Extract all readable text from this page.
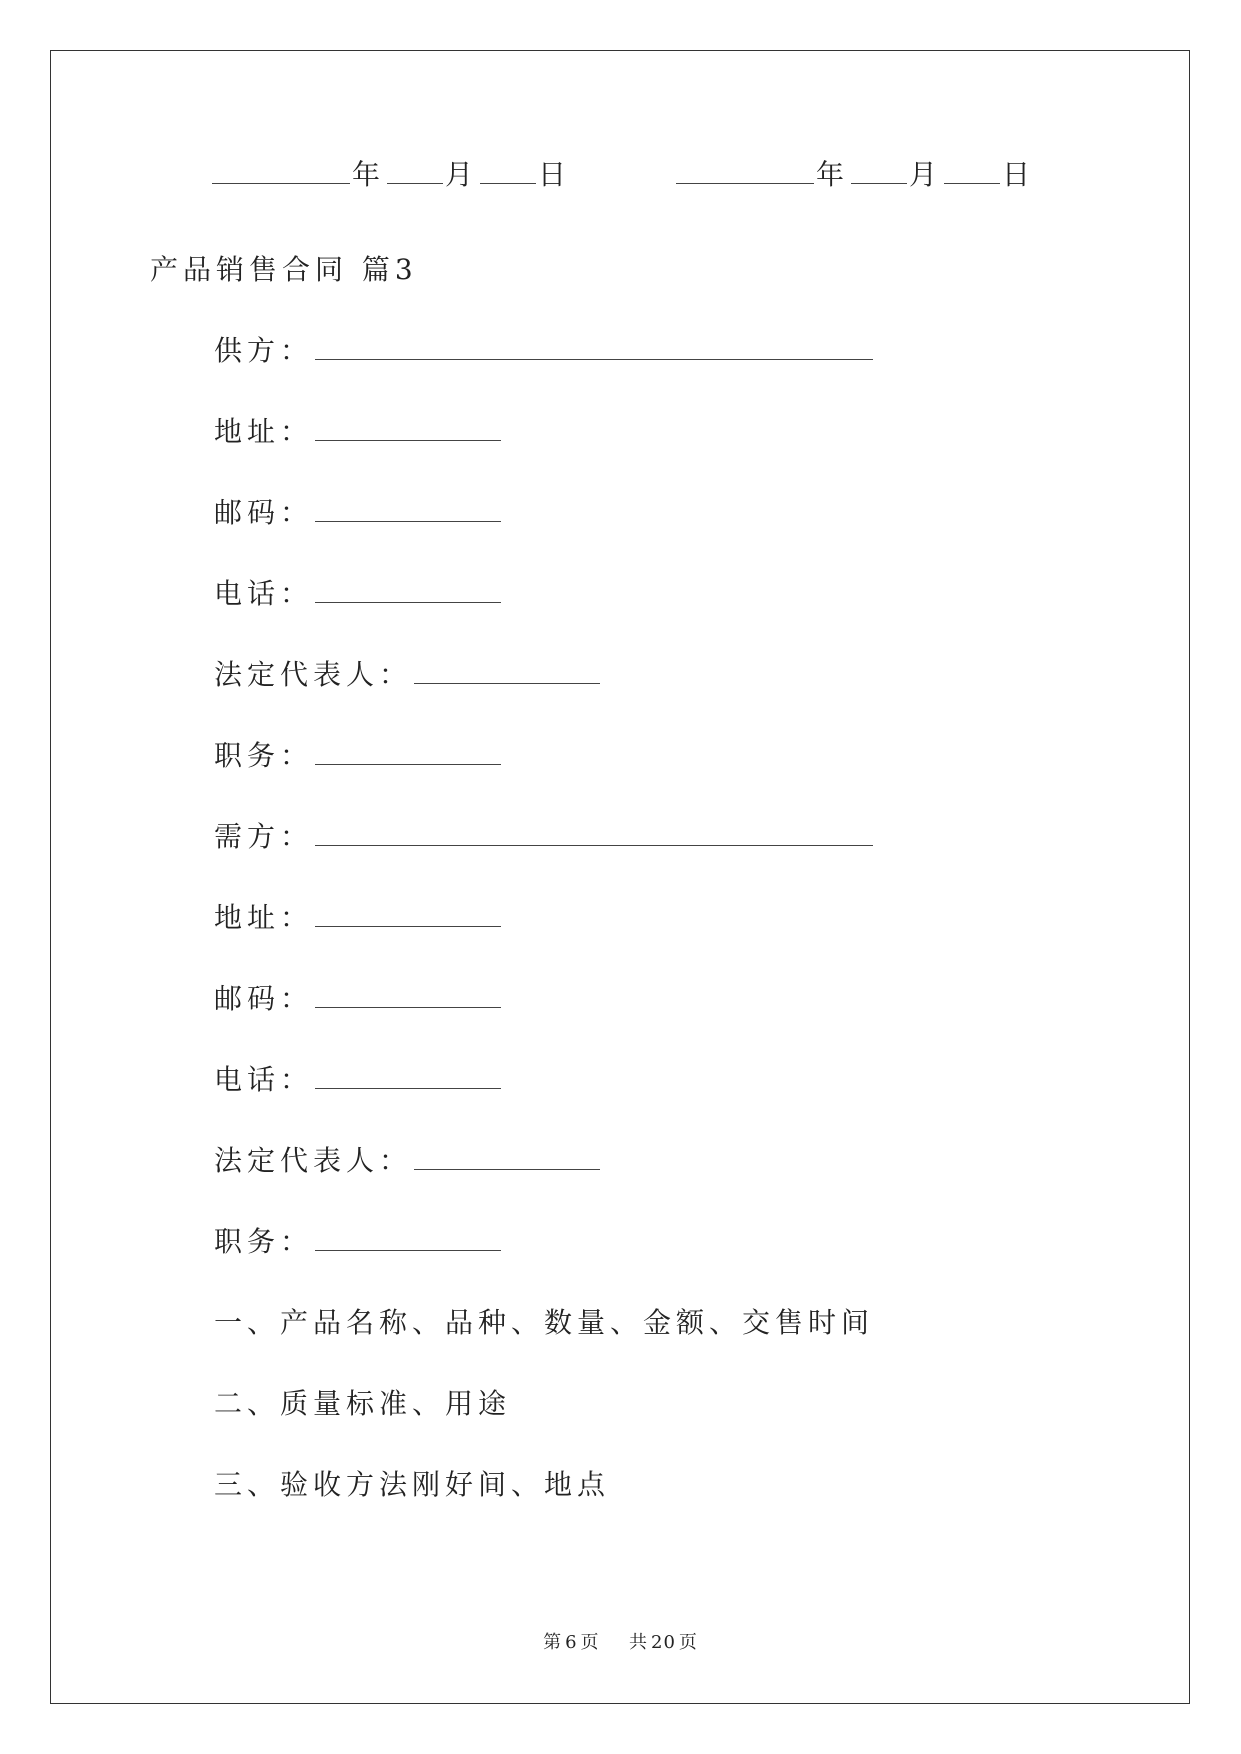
年 月 日	年 月 日
产品销售合同 篇3
供方：
地址：
邮码：
电话：
法定代表人：
职务：
需方：
地址：
邮码：
电话：
法定代表人：
职务：
一、产品名称、品种、数量、金额、交售时间
二、质量标准、用途
三、验收方法刚好间、地点
第 6 页 共 20 页
